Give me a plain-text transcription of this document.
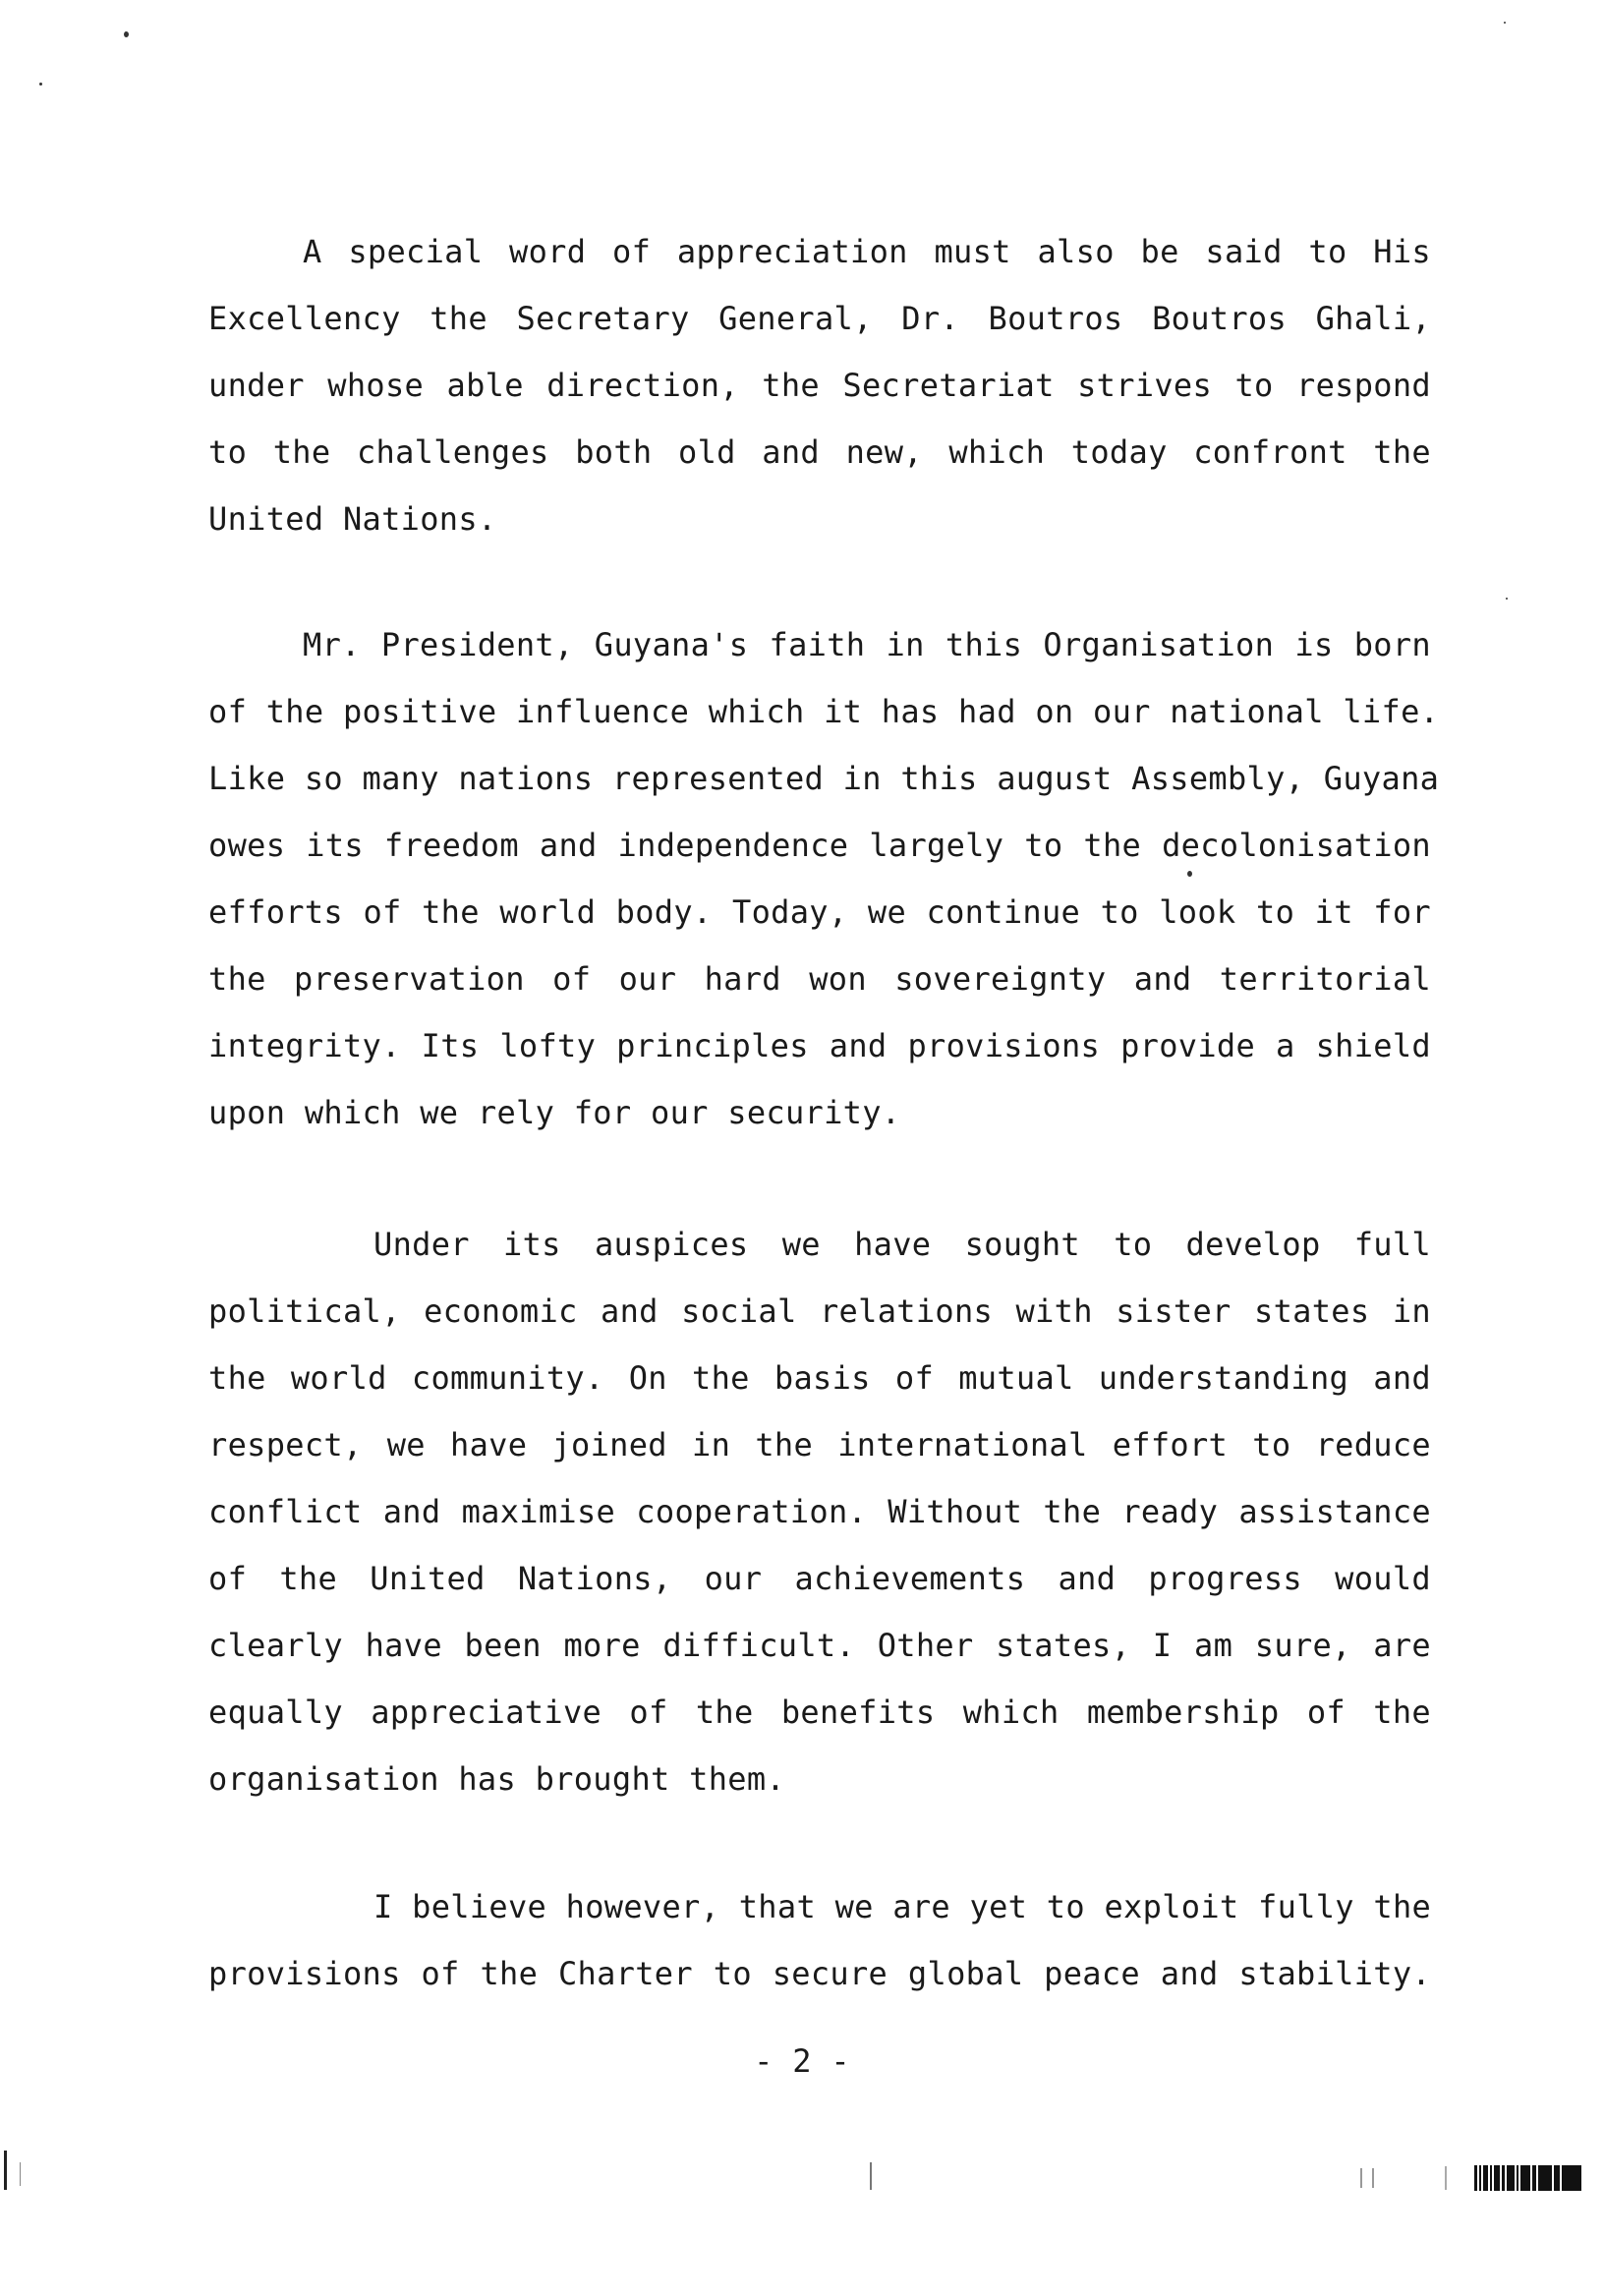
A special word of appreciation must also be said to His
Excellency the Secretary General, Dr. Boutros Boutros Ghali,
under whose able direction, the Secretariat strives to respond
to the challenges both old and new, which today confront the
United Nations.

Mr. President, Guyana's faith in this Organisation is born
of the positive influence which it has had on our national life.
Like so many nations represented in this august Assembly, Guyana
owes its freedom and independence largely to the decolonisation
efforts of the world body. Today, we continue to look to it for
the preservation of our hard won sovereignty and territorial
integrity. Its lofty principles and provisions provide a shield
upon which we rely for our security.

Under its auspices we have sought to develop full
political, economic and social relations with sister states in
the world community. On the basis of mutual understanding and
respect, we have joined in the international effort to reduce
conflict and maximise cooperation. Without the ready assistance
of the United Nations, our achievements and progress would
clearly have been more difficult. Other states, I am sure, are
equally appreciative of the benefits which membership of the
organisation has brought them.

I believe however, that we are yet to exploit fully the
provisions of the Charter to secure global peace and stability.

- 2 -
